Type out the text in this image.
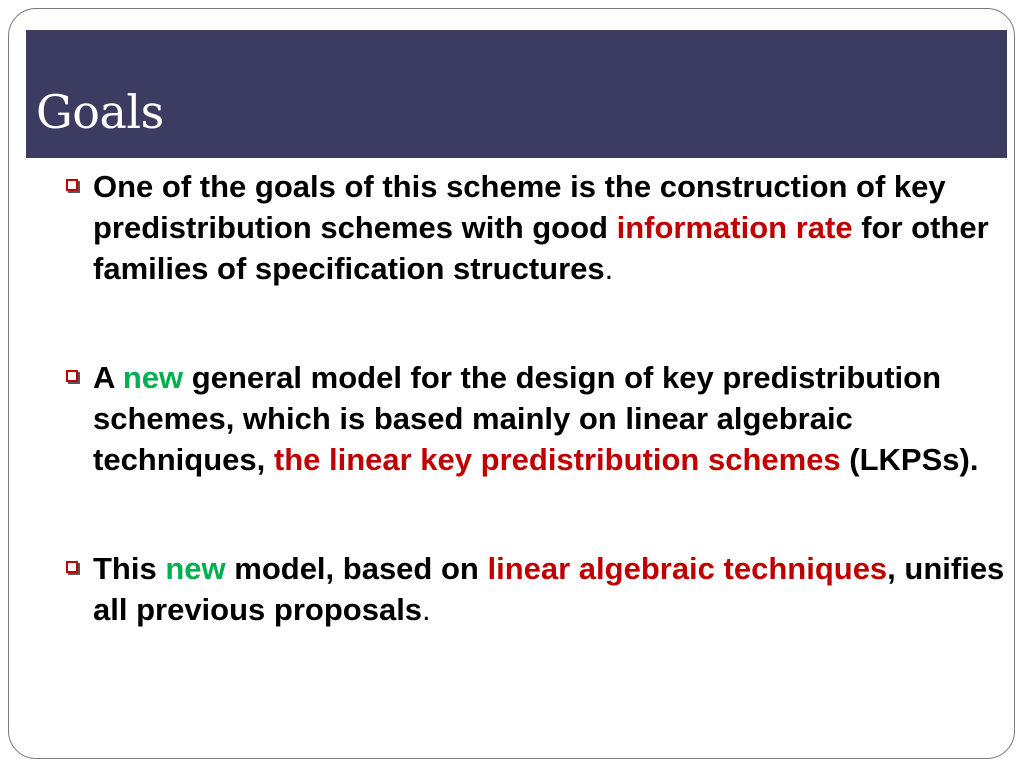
Goals
One of the goals of this scheme is the construction of key predistribution schemes with good information rate for other families of specification structures.
A new general model for the design of key predistribution schemes, which is based mainly on linear algebraic techniques, the linear key predistribution schemes (LKPSs).
This new model, based on linear algebraic techniques, unifies all previous proposals.
